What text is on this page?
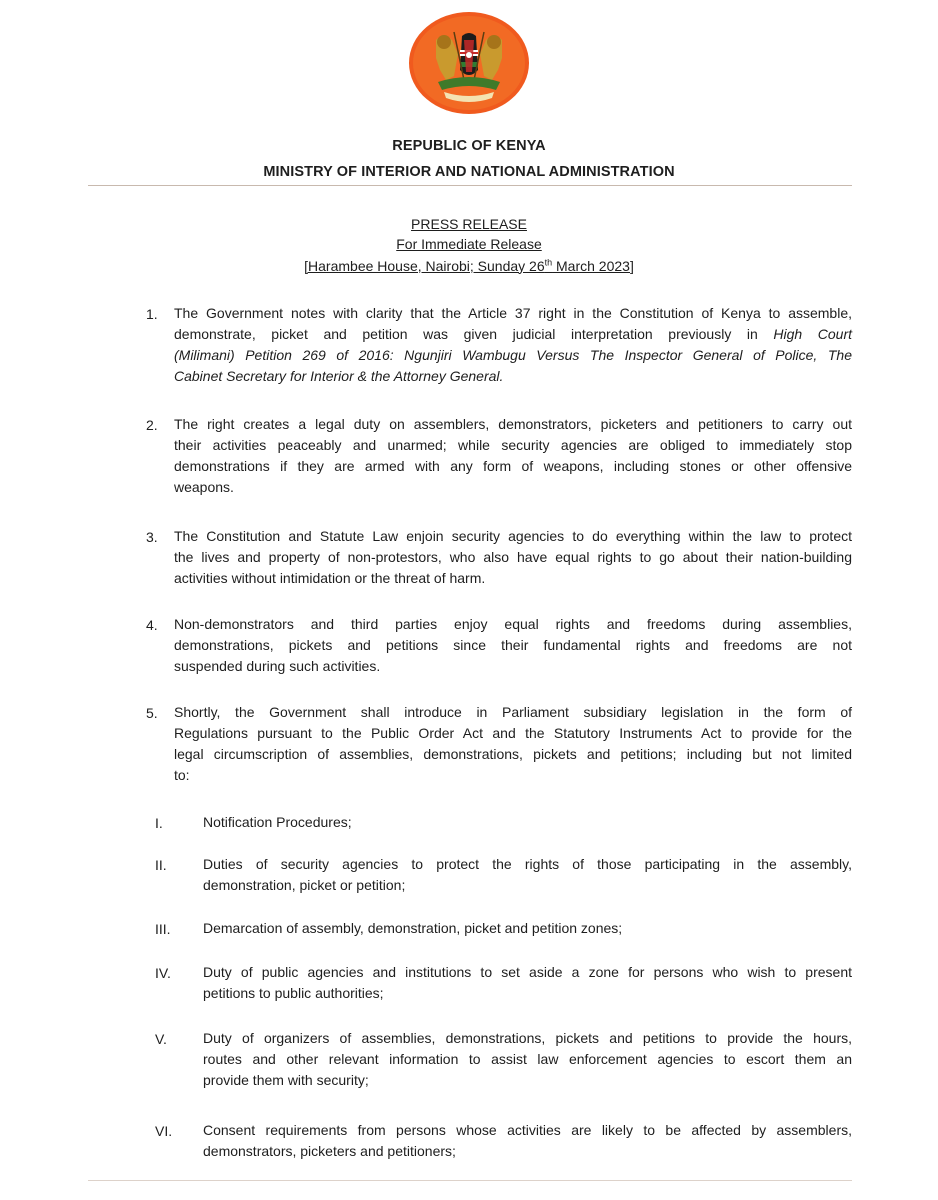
REPUBLIC OF KENYA
MINISTRY OF INTERIOR AND NATIONAL ADMINISTRATION
PRESS RELEASE
For Immediate Release
[Harambee House, Nairobi; Sunday 26th March 2023]
1.	The Government notes with clarity that the Article 37 right in the Constitution of Kenya to assemble,
demonstrate, picket and petition was given judicial interpretation previously in High Court
(Milimani) Petition 269 of 2016: Ngunjiri Wambugu Versus The Inspector General of Police, The
Cabinet Secretary for Interior & the Attorney General.
2.	The right creates a legal duty on assemblers, demonstrators, picketers and petitioners to carry out
their activities peaceably and unarmed; while security agencies are obliged to immediately stop
demonstrations if they are armed with any form of weapons, including stones or other offensive
weapons.
3.	The Constitution and Statute Law enjoin security agencies to do everything within the law to protect
the lives and property of non-protestors, who also have equal rights to go about their nation-building
activities without intimidation or the threat of harm.
4.	Non-demonstrators and third parties enjoy equal rights and freedoms during assemblies,
demonstrations, pickets and petitions since their fundamental rights and freedoms are not
suspended during such activities.
5.	Shortly, the Government shall introduce in Parliament subsidiary legislation in the form of
Regulations pursuant to the Public Order Act and the Statutory Instruments Act to provide for the
legal circumscription of assemblies, demonstrations, pickets and petitions; including but not limited
to:
I.	Notification Procedures;
II.	Duties of security agencies to protect the rights of those participating in the assembly,
demonstration, picket or petition;
III.	Demarcation of assembly, demonstration, picket and petition zones;
IV.	Duty of public agencies and institutions to set aside a zone for persons who wish to present
petitions to public authorities;
V.	Duty of organizers of assemblies, demonstrations, pickets and petitions to provide the hours,
routes and other relevant information to assist law enforcement agencies to escort them an
provide them with security;
VI.	Consent requirements from persons whose activities are likely to be affected by assemblers,
demonstrators, picketers and petitioners;
